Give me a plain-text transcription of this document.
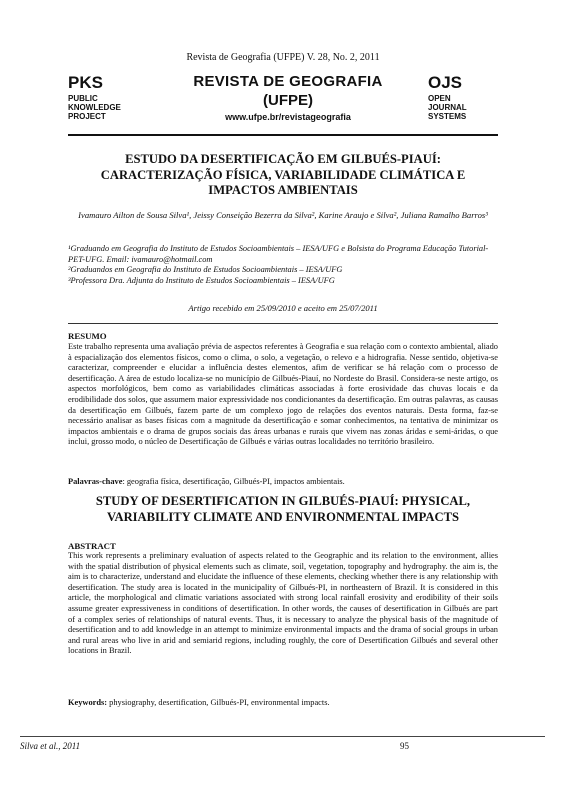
Revista de Geografia (UFPE) V. 28, No. 2, 2011
PKS
PUBLIC
KNOWLEDGE
PROJECT
REVISTA DE GEOGRAFIA
(UFPE)
www.ufpe.br/revistageografia
OJS
OPEN
JOURNAL
SYSTEMS
ESTUDO DA DESERTIFICAÇÃO EM GILBUÉS-PIAUÍ: CARACTERIZAÇÃO FÍSICA, VARIABILIDADE CLIMÁTICA E IMPACTOS AMBIENTAIS
Ivamauro Ailton de Sousa Silva¹, Jeissy Conseição Bezerra da Silva², Karine Araujo e Silva², Juliana Ramalho Barros³

¹Graduando em Geografia do Instituto de Estudos Socioambientais – IESA/UFG e Bolsista do Programa Educação Tutorial-PET-UFG. Email: ivamauro@hotmail.com

²Graduandos em Geografia do Instituto de Estudos Socioambientais – IESA/UFG

³Professora Dra. Adjunta do Instituto de Estudos Socioambientais – IESA/UFG

Artigo recebido em 25/09/2010 e aceito em 25/07/2011
RESUMO
Este trabalho representa uma avaliação prévia de aspectos referentes à Geografia e sua relação com o contexto ambiental, aliado à espacialização dos elementos físicos, como o clima, o solo, a vegetação, o relevo e a hidrografia. Nesse sentido, objetiva-se caracterizar, compreender e elucidar a influência destes elementos, afim de verificar se há relação com o processo de desertificação. A área de estudo localiza-se no município de Gilbués-Piauí, no Nordeste do Brasil. Considera-se neste artigo, os aspectos morfológicos, bem como as variabilidades climáticas associadas à forte erosividade das chuvas locais e da erodibilidade dos solos, que assumem maior expressividade nos condicionantes da desertificação. Em outras palavras, as causas da desertificação em Gilbués, fazem parte de um complexo jogo de relações dos eventos naturais. Desta forma, faz-se necessário analisar as bases físicas com a magnitude da desertificação e somar conhecimentos, na tentativa de minimizar os impactos ambientais e o drama de grupos sociais das áreas urbanas e rurais que vivem nas zonas áridas e semi-áridas, o que inclui, grosso modo, o núcleo de Desertificação de Gilbués e várias outras localidades no território brasileiro.
Palavras-chave: geografia física, desertificação, Gilbués-PI, impactos ambientais.
STUDY OF DESERTIFICATION IN GILBUÉS-PIAUÍ: PHYSICAL, VARIABILITY CLIMATE AND ENVIRONMENTAL IMPACTS
ABSTRACT
This work represents a preliminary evaluation of aspects related to the Geographic and its relation to the environment, allies with the spatial distribution of physical elements such as climate, soil, vegetation, topography and hydrography. the aim is, the aim is to characterize, understand and elucidate the influence of these elements, checking whether there is any relationship with desertification. The study area is located in the municipality of Gilbués-PI, in northeastern of Brazil. It is considered in this article, the morphological and climatic variations associated with strong local rainfall erosivity and erodibility of their soils assume greater expressiveness in conditions of desertification. In other words, the causes of desertification in Gilbués are part of a complex series of relationships of natural events. Thus, it is necessary to analyze the physical basis of the magnitude of desertification and to add knowledge in an attempt to minimize environmental impacts and the drama of social groups in urban and rural areas who live in arid and semiarid regions, including roughly, the core of Desertification Gilbués and several other locations in Brazil.
Keywords: physiography, desertification, Gilbués-PI, environmental impacts.
Silva et al., 2011	95
